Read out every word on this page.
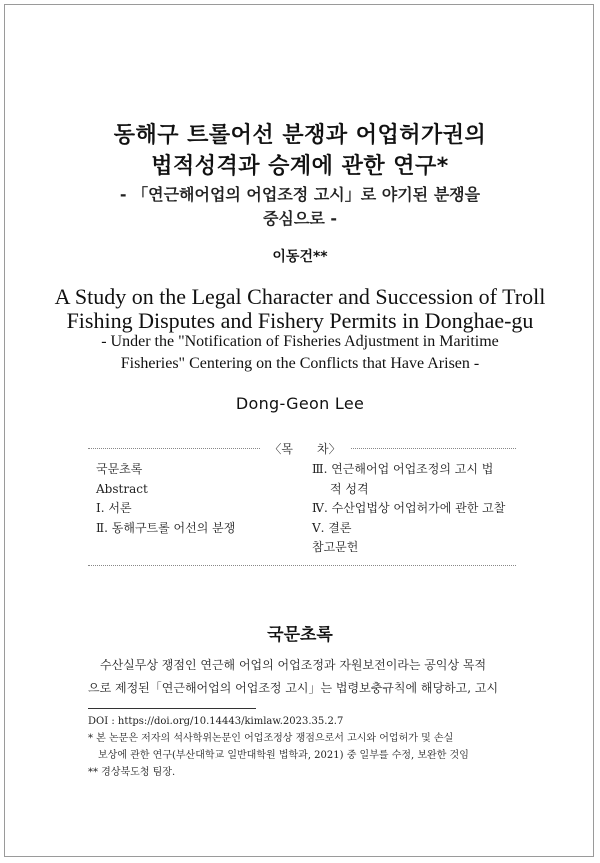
동해구 트롤어선 분쟁과 어업허가권의
법적성격과 승계에 관한 연구*
- 「연근해어업의 어업조정 고시」로 야기된 분쟁을
중심으로 -
이동건**
A Study on the Legal Character and Succession of Troll
Fishing Disputes and Fishery Permits in Donghae-gu
- Under the "Notification of Fisheries Adjustment in Maritime
Fisheries" Centering on the Conflicts that Have Arisen -
Dong-Geon Lee
〈목　　차〉
국문초록
Abstract
Ⅰ. 서론
Ⅱ. 동해구트롤 어선의 분쟁
Ⅲ. 연근해어업 어업조정의 고시 법
적 성격
Ⅳ. 수산업법상 어업허가에 관한 고찰
Ⅴ. 결론
참고문헌
국문초록

수산실무상 쟁점인 연근해 어업의 어업조정과 자원보전이라는 공익상 목적

으로 제정된「연근해어업의 어업조정 고시」는 법령보충규칙에 해당하고, 고시

DOI : https://doi.org/10.14443/kimlaw.2023.35.2.7

* 본 논문은 저자의 석사학위논문인 어업조정상 쟁점으로서 고시와 어업허가 및 손실

보상에 관한 연구(부산대학교 일반대학원 법학과, 2021) 중 일부를 수정, 보완한 것임

** 경상북도청 팀장.
